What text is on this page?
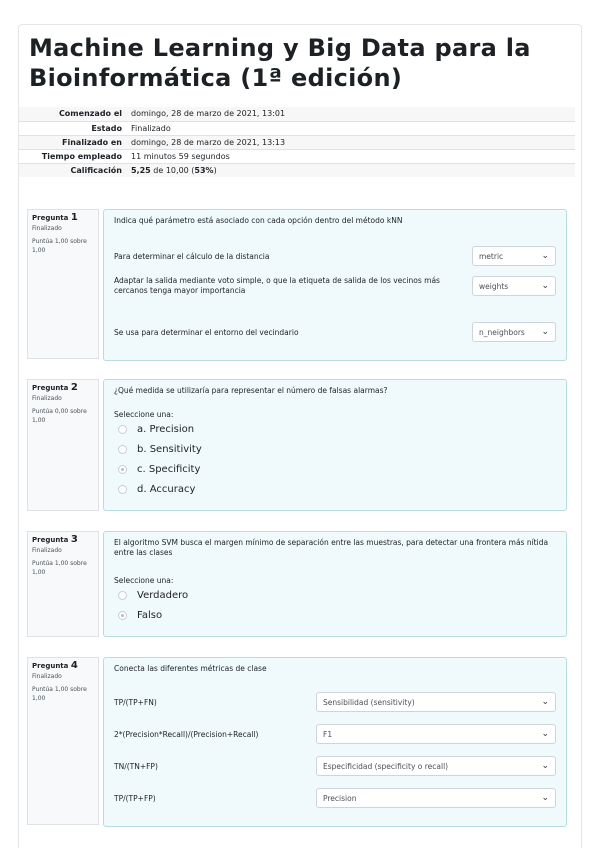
Machine Learning y Big Data para la Bioinformática (1ª edición)
Comenzado el	domingo, 28 de marzo de 2021, 13:01
Estado	Finalizado
Finalizado en	domingo, 28 de marzo de 2021, 13:13
Tiempo empleado	11 minutos 59 segundos
Calificación	5,25 de 10,00 (53%)
Pregunta 1
Finalizado
Puntúa 1,00 sobre 1,00
Indica qué parámetro está asociado con cada opción dentro del método kNN
Para determinar el cálculo de la distancia	metric	⌄
Adaptar la salida mediante voto simple, o que la etiqueta de salida de los vecinos más cercanos tenga mayor importancia	weights	⌄
Se usa para determinar el entorno del vecindario	n_neighbors ⌄
Pregunta 2
Finalizado
Puntúa 0,00 sobre 1,00
¿Qué medida se utilizaría para representar el número de falsas alarmas?
Seleccione una:
a. Precision
b. Sensitivity
c. Specificity
d. Accuracy
Pregunta 3
Finalizado
Puntúa 1,00 sobre 1,00
El algoritmo SVM busca el margen mínimo de separación entre las muestras, para detectar una frontera más nítida entre las clases
Seleccione una:
Verdadero
Falso
Pregunta 4
Finalizado
Puntúa 1,00 sobre 1,00
Conecta las diferentes métricas de clase
TP/(TP+FN)	Sensibilidad (sensitivity)	⌄
2*(Precision*Recall)/(Precision+Recall)	F1	⌄
TN/(TN+FP)	Especificidad (specificity o recall)	⌄
TP/(TP+FP)	Precision	⌄
